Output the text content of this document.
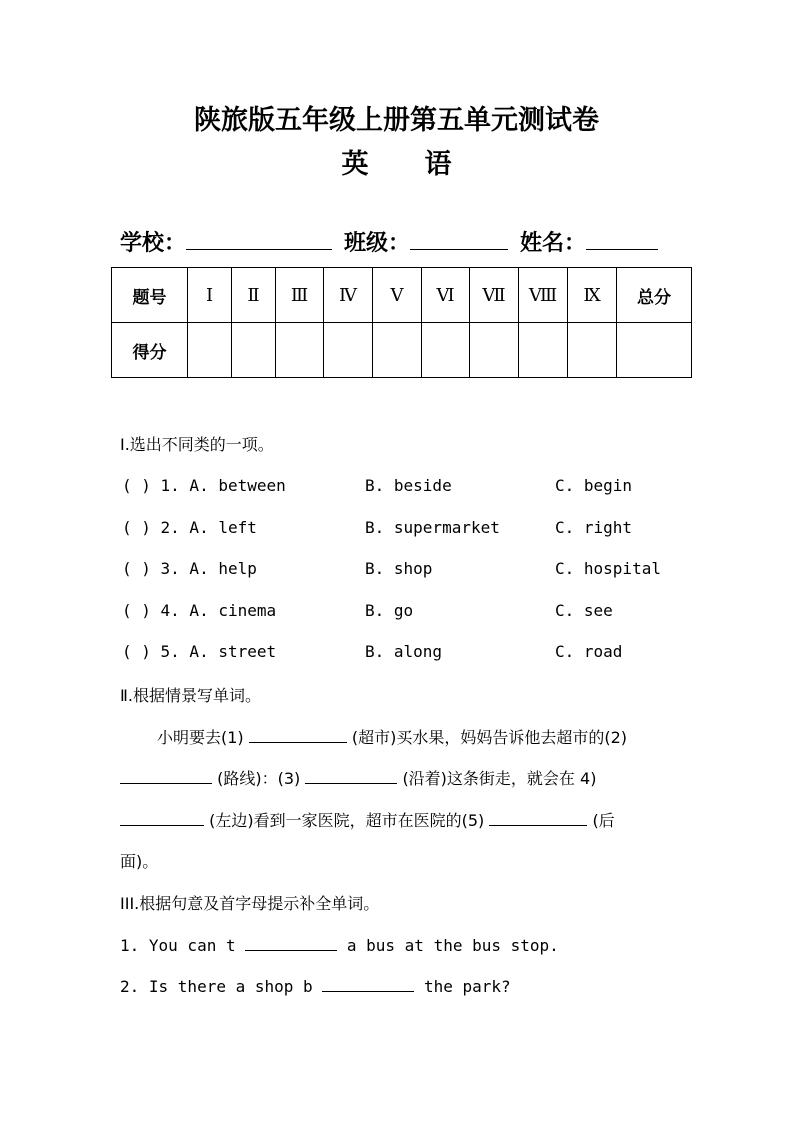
陕旅版五年级上册第五单元测试卷
英 语
学校：	班级：	姓名：
题号	Ⅰ	Ⅱ	Ⅲ	Ⅳ	Ⅴ	Ⅵ	Ⅶ	Ⅷ	Ⅸ	总分
得分										
I.选出不同类的一项。
( ) 1. A. between	B. beside	C. begin
( ) 2. A. left	B. supermarket	C. right
( ) 3. A. help	B. shop	C. hospital
( ) 4. A. cinema	B. go	C. see
( ) 5. A. street	B. along	C. road
Ⅱ.根据情景写单词。
小明要去(1)	(超市)买水果，妈妈告诉他去超市的(2)
(路线)：(3)	(沿着)这条街走，就会在 4)
(左边)看到一家医院，超市在医院的(5)	(后
面)。
III.根据句意及首字母提示补全单词。
1. You can t	a bus at the bus stop.
2. Is there a shop b	the park?
